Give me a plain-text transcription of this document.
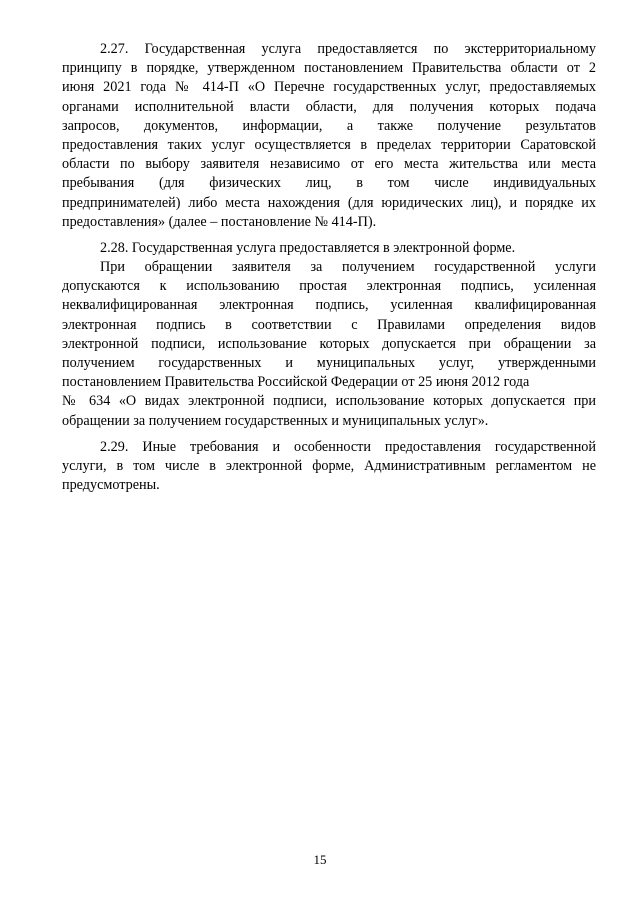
2.27. Государственная услуга предоставляется по экстерриториальному
принципу в порядке, утвержденном постановлением Правительства области от 2
июня 2021 года № 414-П «О Перечне государственных услуг, предоставляемых
органами исполнительной власти области, для получения которых подача
запросов, документов, информации, а также получение результатов
предоставления таких услуг осуществляется в пределах территории Саратовской
области по выбору заявителя независимо от его места жительства или места
пребывания (для физических лиц, в том числе индивидуальных
предпринимателей) либо места нахождения (для юридических лиц), и порядке их
предоставления» (далее – постановление № 414-П).
2.28. Государственная услуга предоставляется в электронной форме.
При обращении заявителя за получением государственной услуги
допускаются к использованию простая электронная подпись, усиленная
неквалифицированная электронная подпись, усиленная квалифицированная
электронная подпись в соответствии с Правилами определения видов
электронной подписи, использование которых допускается при обращении за
получением государственных и муниципальных услуг, утвержденными
постановлением Правительства Российской Федерации от 25 июня 2012 года
№ 634 «О видах электронной подписи, использование которых допускается при
обращении за получением государственных и муниципальных услуг».
2.29. Иные требования и особенности предоставления государственной
услуги, в том числе в электронной форме, Административным регламентом не
предусмотрены.
15
